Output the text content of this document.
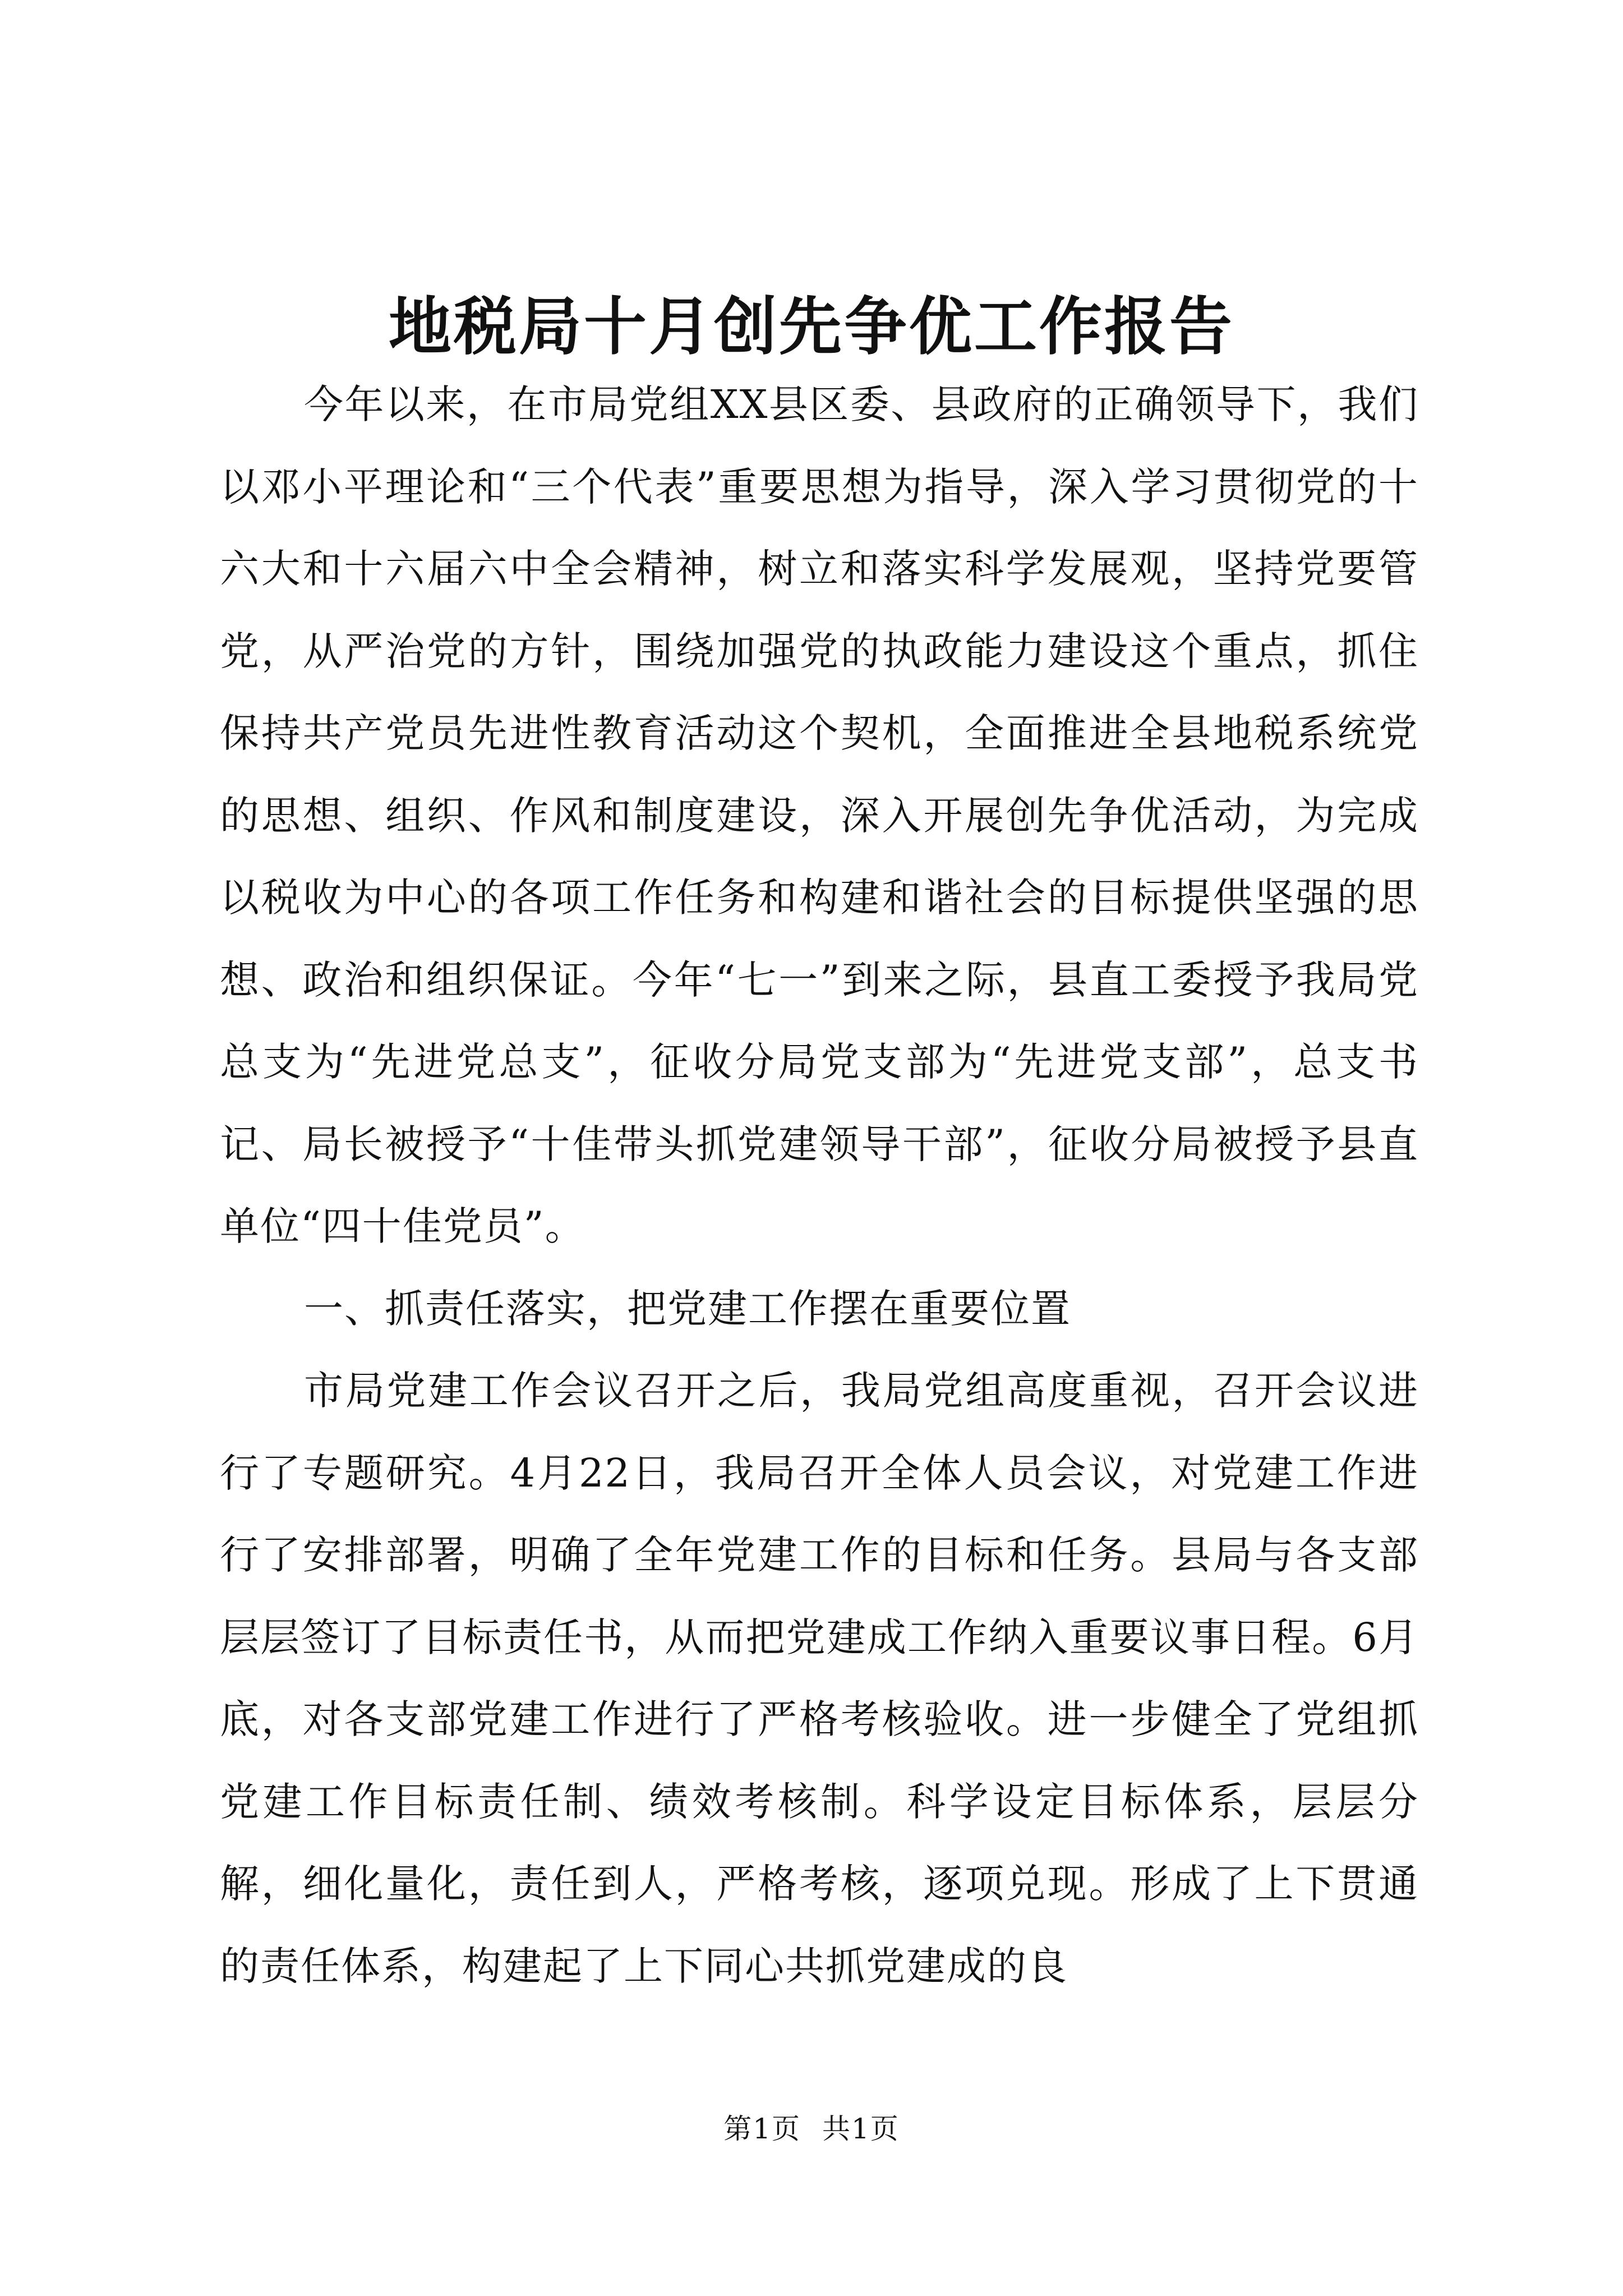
地税局十月创先争优工作报告

今年以来，在市局党组XX县区委、县政府的正确领导下，我们以邓小平理论和“三个代表”重要思想为指导，深入学习贯彻党的十六大和十六届六中全会精神，树立和落实科学发展观，坚持党要管党，从严治党的方针，围绕加强党的执政能力建设这个重点，抓住保持共产党员先进性教育活动这个契机，全面推进全县地税系统党的思想、组织、作风和制度建设，深入开展创先争优活动，为完成以税收为中心的各项工作任务和构建和谐社会的目标提供坚强的思想、政治和组织保证。今年“七一”到来之际，县直工委授予我局党总支为“先进党总支”，征收分局党支部为“先进党支部”，总支书记、局长被授予“十佳带头抓党建领导干部”，征收分局被授予县直单位“四十佳党员”。

一、抓责任落实，把党建工作摆在重要位置

市局党建工作会议召开之后，我局党组高度重视，召开会议进行了专题研究。4月22日，我局召开全体人员会议，对党建工作进行了安排部署，明确了全年党建工作的目标和任务。县局与各支部层层签订了目标责任书，从而把党建成工作纳入重要议事日程。6月底，对各支部党建工作进行了严格考核验收。进一步健全了党组抓党建工作目标责任制、绩效考核制。科学设定目标体系，层层分解，细化量化，责任到人，严格考核，逐项兑现。形成了上下贯通的责任体系，构建起了上下同心共抓党建成的良

第1页 共1页
